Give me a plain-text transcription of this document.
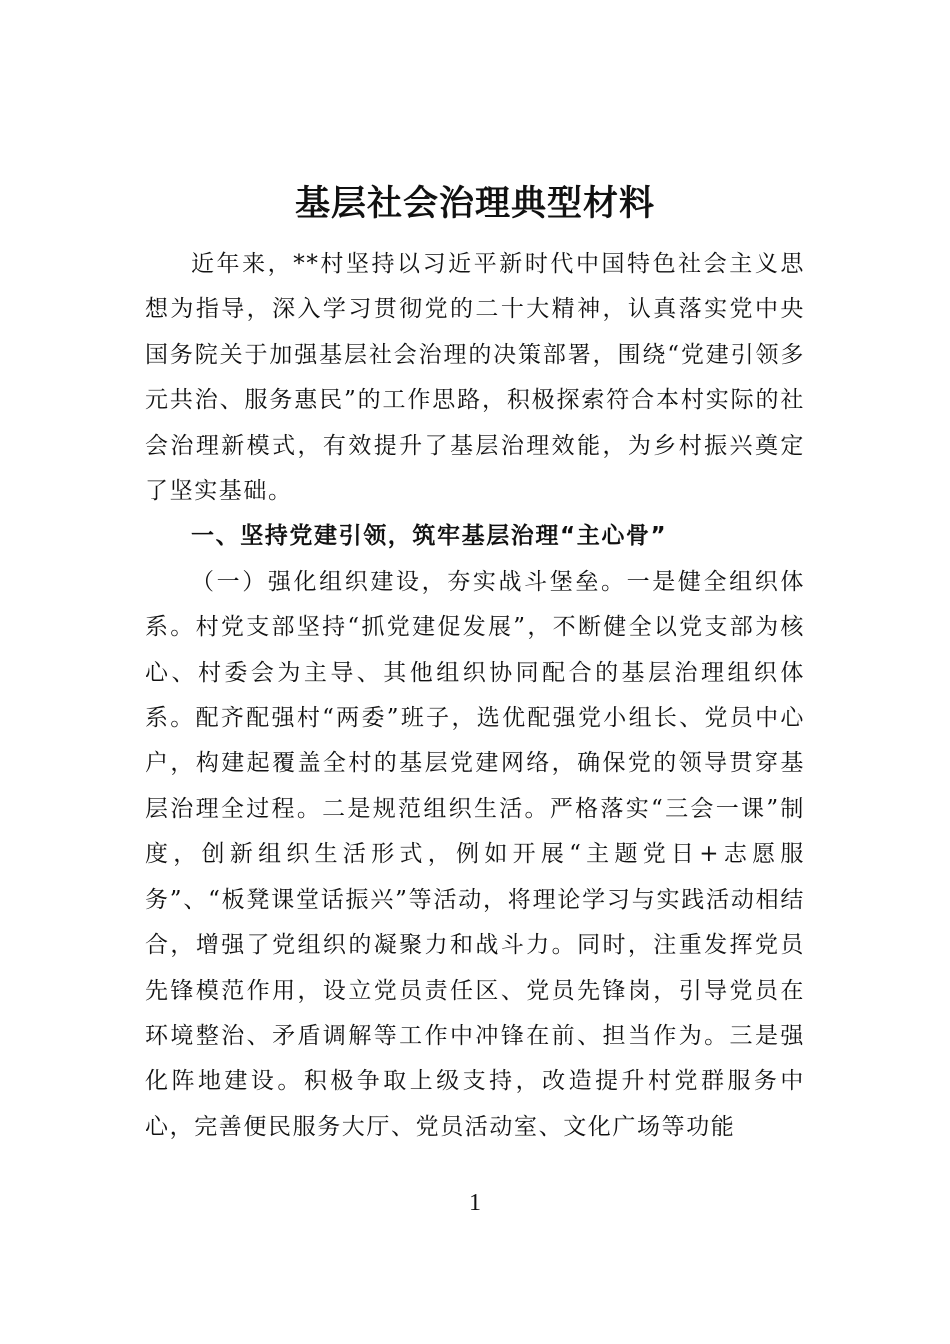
基层社会治理典型材料

近年来，**村坚持以习近平新时代中国特色社会主义思想为指导，深入学习贯彻党的二十大精神，认真落实党中央国务院关于加强基层社会治理的决策部署，围绕“党建引领多元共治、服务惠民”的工作思路，积极探索符合本村实际的社会治理新模式，有效提升了基层治理效能，为乡村振兴奠定了坚实基础。

一、坚持党建引领，筑牢基层治理“主心骨”

（一）强化组织建设，夯实战斗堡垒。一是健全组织体系。村党支部坚持“抓党建促发展”，不断健全以党支部为核心、村委会为主导、其他组织协同配合的基层治理组织体系。配齐配强村“两委”班子，选优配强党小组长、党员中心户，构建起覆盖全村的基层党建网络，确保党的领导贯穿基层治理全过程。二是规范组织生活。严格落实“三会一课”制度，创新组织生活形式，例如开展“主题党日+志愿服务”、“板凳课堂话振兴”等活动，将理论学习与实践活动相结合，增强了党组织的凝聚力和战斗力。同时，注重发挥党员先锋模范作用，设立党员责任区、党员先锋岗，引导党员在环境整治、矛盾调解等工作中冲锋在前、担当作为。三是强化阵地建设。积极争取上级支持，改造提升村党群服务中心，完善便民服务大厅、党员活动室、文化广场等功能

1
